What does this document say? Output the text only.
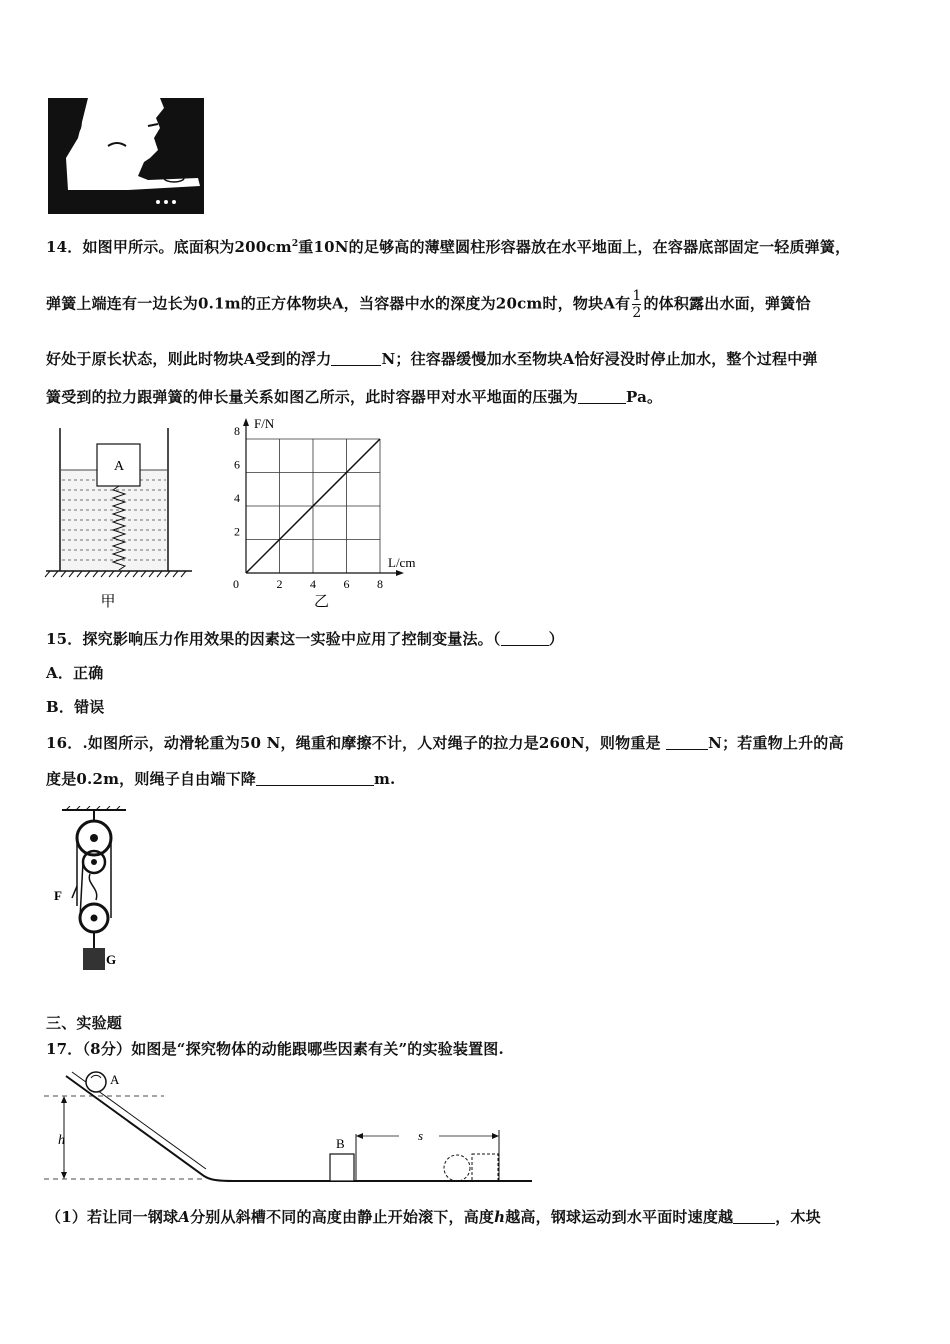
14．如图甲所示。底面积为$200cm^2$重10N的足够高的薄壁圆柱形容器放在水平地面上，在容器底部固定一轻质弹簧，
弹簧上端连有一边长为0.1m的正方体物块A，当容器中水的深度为20cm时，物块A有 $\frac{1}{2}$ 的体积露出水面，弹簧恰
好处于原长状态，则此时物块A受到的浮力	N；往容器缓慢加水至物块A恰好浸没时停止加水，整个过程中弹
簧受到的拉力跟弹簧的伸长量关系如图乙所示，此时容器甲对水平地面的压强为	Pa。
A
甲
0	2 4 6 8
2
4
6
8 F/N
L/cm
乙
15．探究影响压力作用效果的因素这一实验中应用了控制变量法。（	）
A．正确
B．错误
16．.如图所示，动滑轮重为50 N，绳重和摩擦不计，人对绳子的拉力是260N，则物重是	N；若重物上升的高
度是0.2m，则绳子自由端下降	m.
F
G
三、实验题
17．（8分）如图是“探究物体的动能跟哪些因素有关”的实验装置图.
A
h	B
s
（1）若让同一钢球A分别从斜槽不同的高度由静止开始滚下，高度h越高，钢球运动到水平面时速度越	，木块
